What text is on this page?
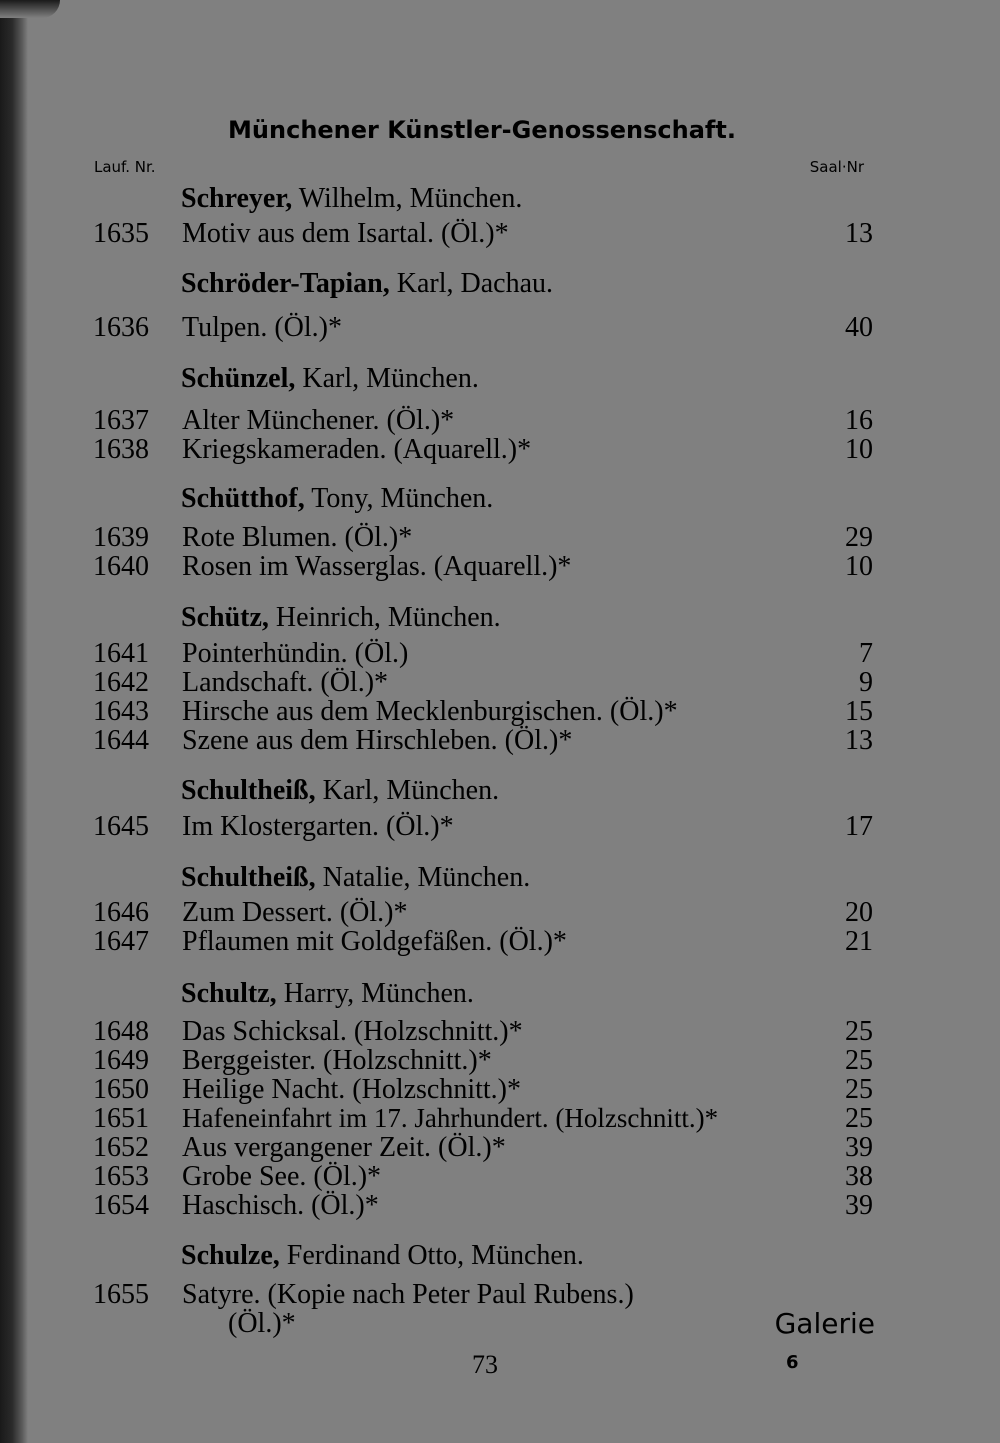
Münchener Künstler-Genossenschaft.
Lauf. Nr.	Saal·Nr
Schreyer, Wilhelm, München.
Schröder-Tapian, Karl, Dachau.
Schünzel, Karl, München.
Schütthof, Tony, München.
Schütz, Heinrich, München.
Schultheiß, Karl, München.
Schultheiß, Natalie, München.
Schultz, Harry, München.
Schulze, Ferdinand Otto, München.
1635 Motiv aus dem Isartal. (Öl.)*	13
1636 Tulpen. (Öl.)*	40
1637 Alter Münchener. (Öl.)*	16
1638 Kriegskameraden. (Aquarell.)*	10
1639 Rote Blumen. (Öl.)*	29
1640 Rosen im Wasserglas. (Aquarell.)*	10
1641 Pointerhündin. (Öl.)	7
1642 Landschaft. (Öl.)*	9
1643 Hirsche aus dem Mecklenburgischen. (Öl.)*	15
1644 Szene aus dem Hirschleben. (Öl.)*	13
1645 Im Klostergarten. (Öl.)*	17
1646 Zum Dessert. (Öl.)*	20
1647 Pflaumen mit Goldgefäßen. (Öl.)*	21
1648 Das Schicksal. (Holzschnitt.)*	25
1649 Berggeister. (Holzschnitt.)*	25
1650 Heilige Nacht. (Holzschnitt.)*	25
1651 Hafeneinfahrt im 17. Jahrhundert. (Holzschnitt.)*	25
1652 Aus vergangener Zeit. (Öl.)*	39
1653 Grobe See. (Öl.)*	38
1654 Haschisch. (Öl.)*	39
1655 Satyre. (Kopie nach Peter Paul Rubens.)
(Öl.)*	Galerie
73	6
